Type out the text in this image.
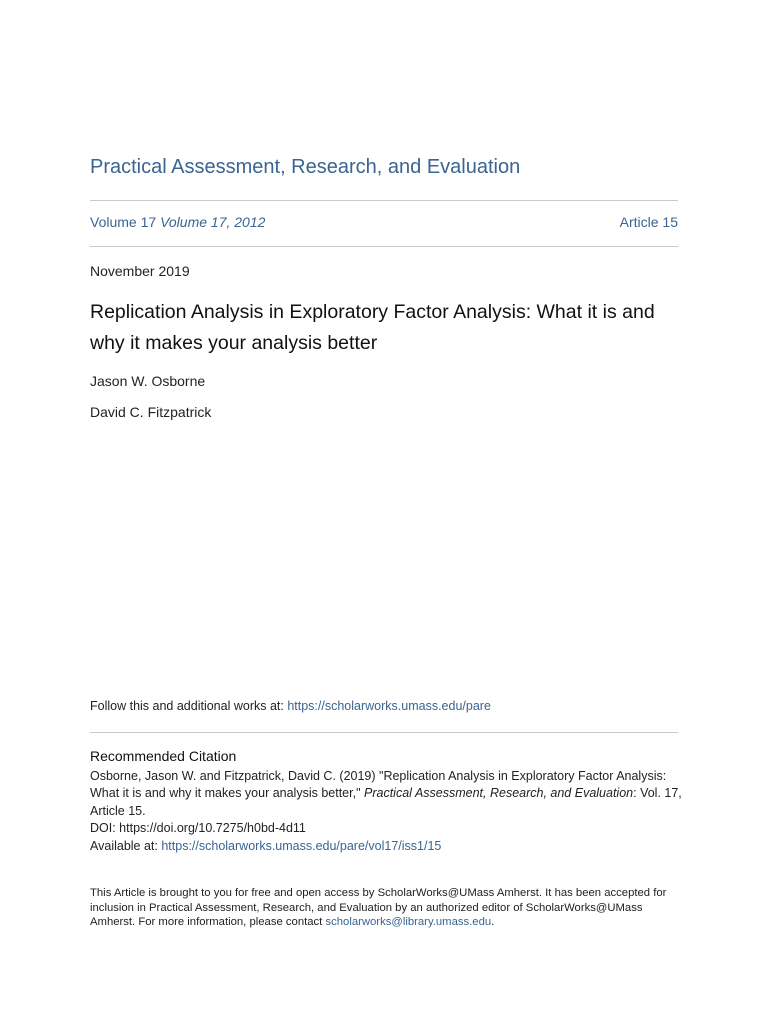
Practical Assessment, Research, and Evaluation
Volume 17 Volume 17, 2012	Article 15
November 2019
Replication Analysis in Exploratory Factor Analysis: What it is and why it makes your analysis better
Jason W. Osborne
David C. Fitzpatrick
Follow this and additional works at: https://scholarworks.umass.edu/pare
Recommended Citation
Osborne, Jason W. and Fitzpatrick, David C. (2019) "Replication Analysis in Exploratory Factor Analysis: What it is and why it makes your analysis better," Practical Assessment, Research, and Evaluation: Vol. 17, Article 15.
DOI: https://doi.org/10.7275/h0bd-4d11
Available at: https://scholarworks.umass.edu/pare/vol17/iss1/15
This Article is brought to you for free and open access by ScholarWorks@UMass Amherst. It has been accepted for inclusion in Practical Assessment, Research, and Evaluation by an authorized editor of ScholarWorks@UMass Amherst. For more information, please contact scholarworks@library.umass.edu.
